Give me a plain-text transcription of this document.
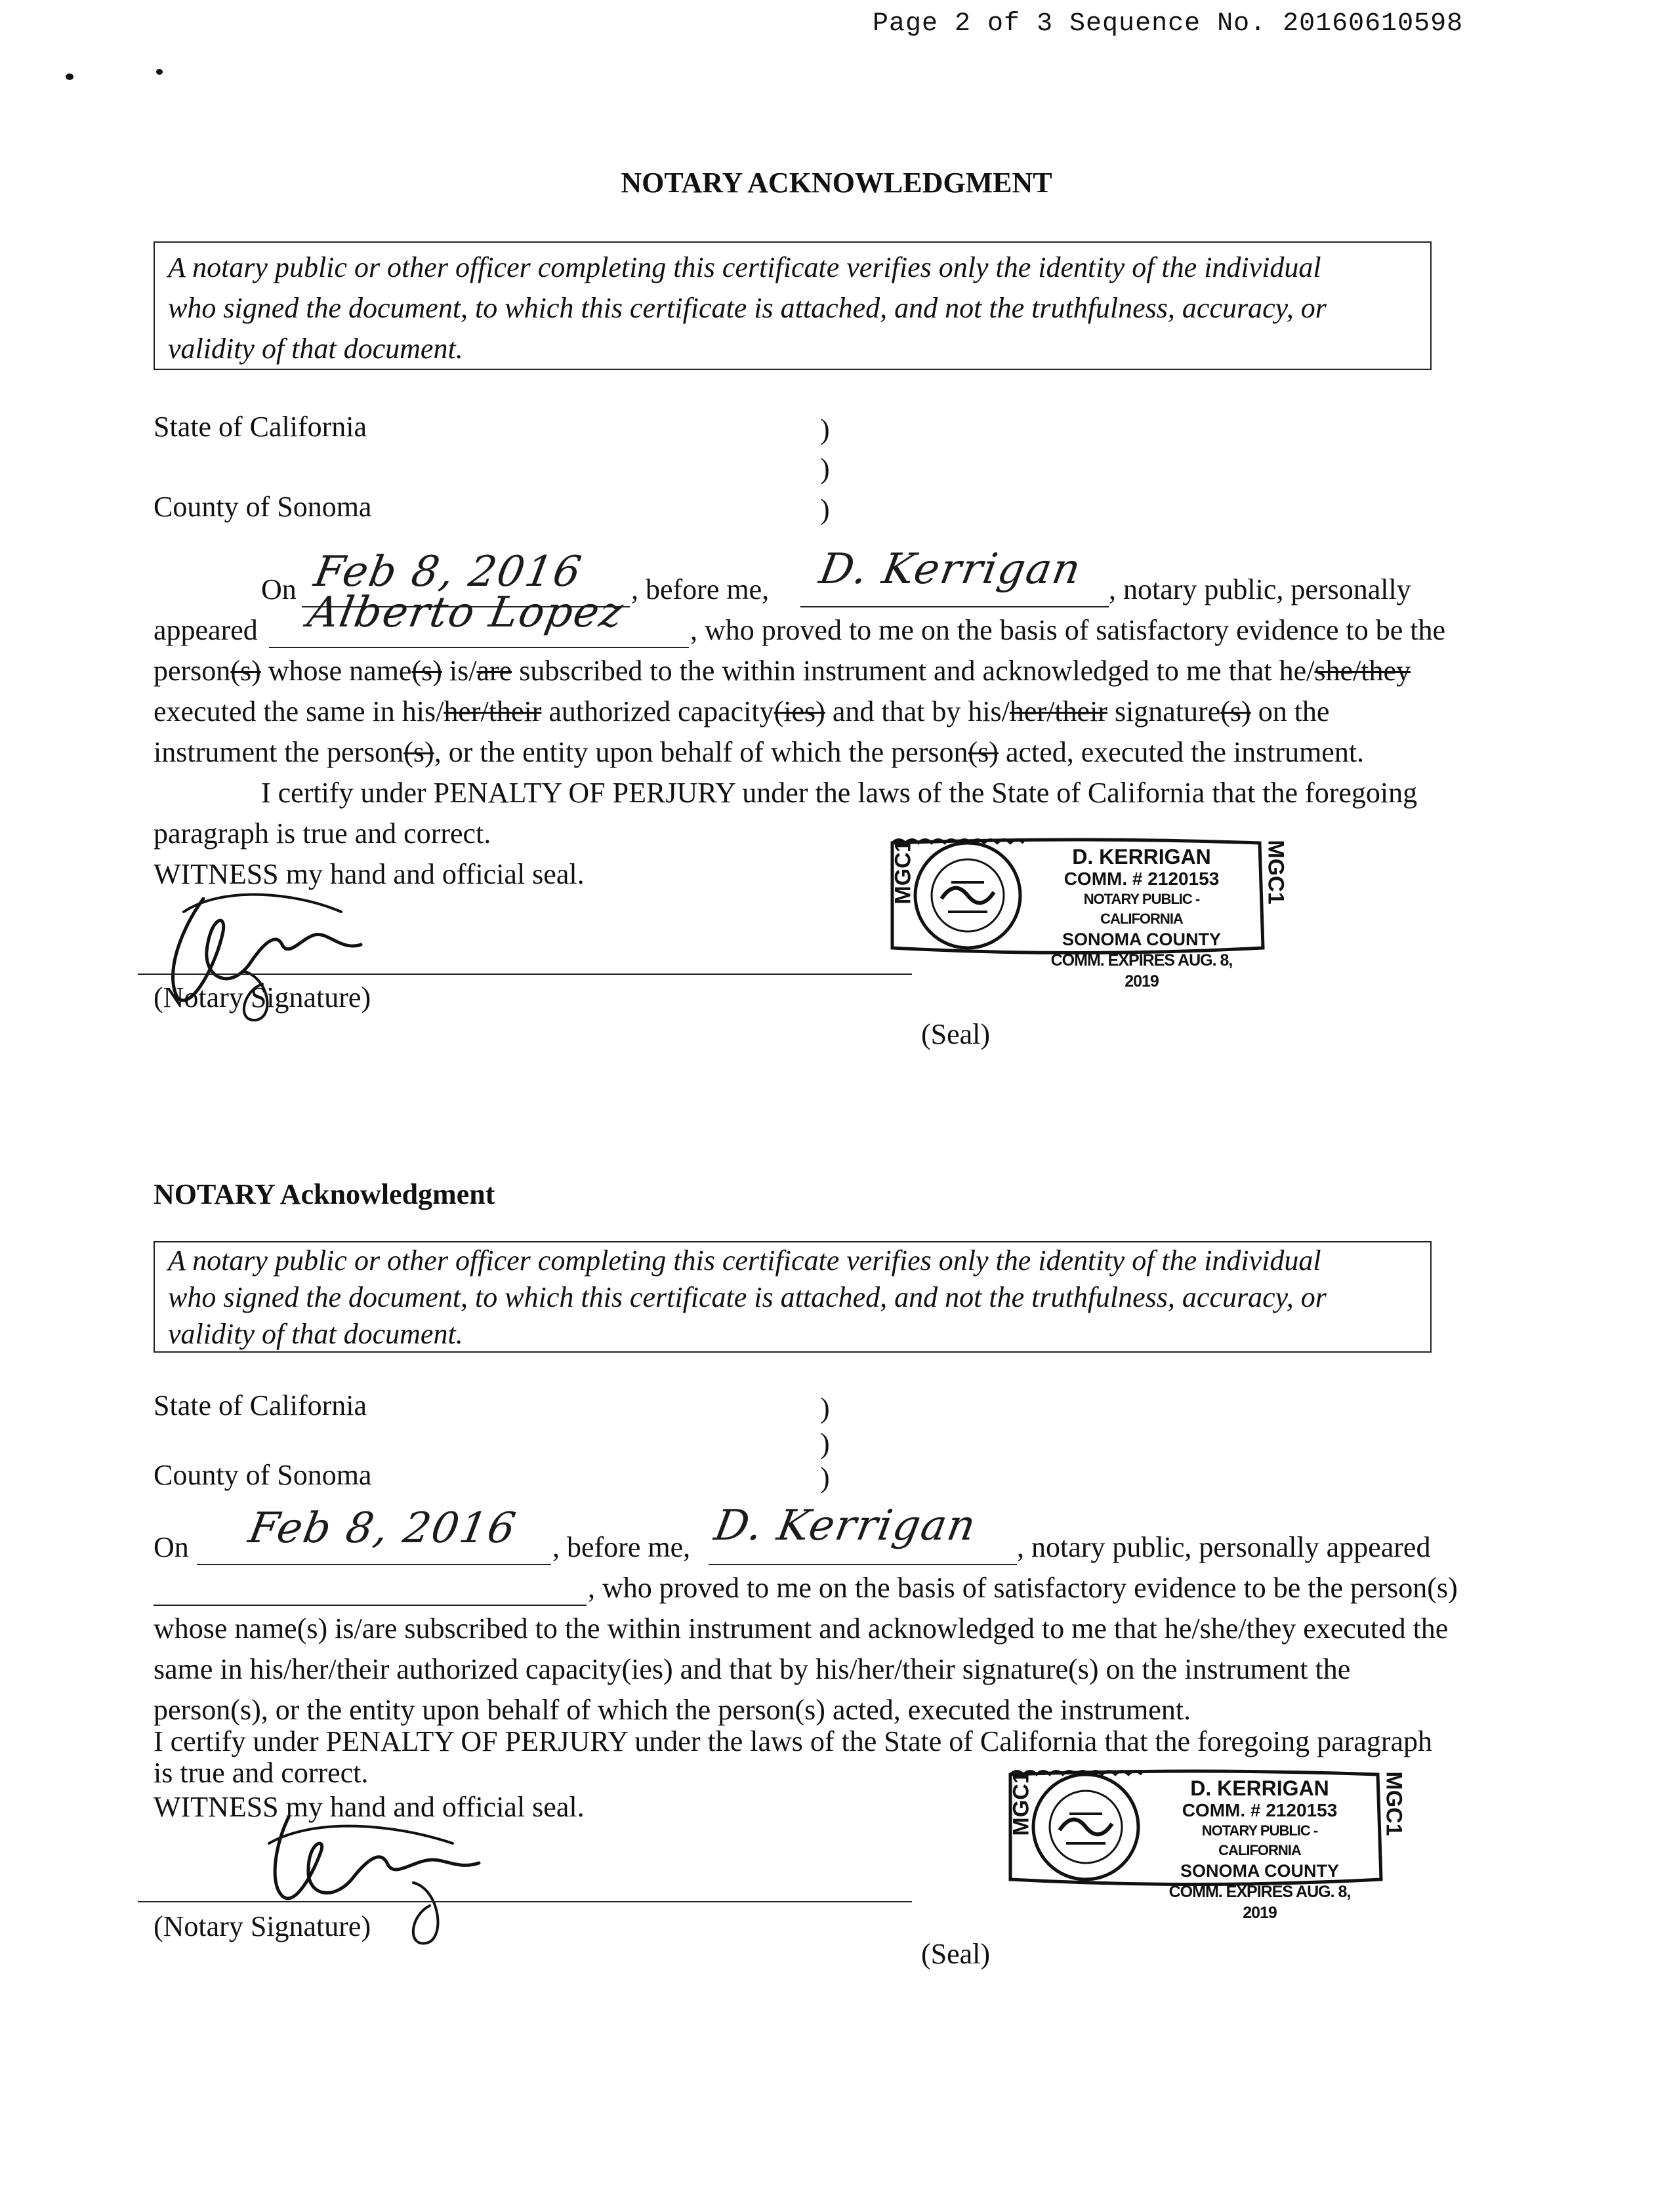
Page 2 of 3 Sequence No. 20160610598
NOTARY ACKNOWLEDGMENT

A notary public or other officer completing this certificate verifies only the identity of the individual

who signed the document, to which this certificate is attached, and not the truthfulness, accuracy, or

validity of that document.

State of California	)
)
County of Sonoma	)
On Feb 8, 2016 , before me, D. Kerrigan , notary public, personally
appeared Alberto Lopez , who proved to me on the basis of satisfactory evidence to be the
person(s) whose name(s) is/are subscribed to the within instrument and acknowledged to me that he/she/they
executed the same in his/her/their authorized capacity(ies) and that by his/her/their signature(s) on the
instrument the person(s), or the entity upon behalf of which the person(s) acted, executed the instrument.
I certify under PENALTY OF PERJURY under the laws of the State of California that the foregoing
paragraph is true and correct.
WITNESS my hand and official seal.
(Notary Signature)
MGC1	MGC1
D. KERRIGAN
COMM. # 2120153
NOTARY PUBLIC - CALIFORNIA
SONOMA COUNTY
COMM. EXPIRES AUG. 8, 2019
(Seal)
NOTARY Acknowledgment

A notary public or other officer completing this certificate verifies only the identity of the individual

who signed the document, to which this certificate is attached, and not the truthfulness, accuracy, or

validity of that document.

State of California	)
)
County of Sonoma	)
On Feb 8, 2016 , before me, D. Kerrigan , notary public, personally appeared
, who proved to me on the basis of satisfactory evidence to be the person(s)
whose name(s) is/are subscribed to the within instrument and acknowledged to me that he/she/they executed the
same in his/her/their authorized capacity(ies) and that by his/her/their signature(s) on the instrument the
person(s), or the entity upon behalf of which the person(s) acted, executed the instrument.
I certify under PENALTY OF PERJURY under the laws of the State of California that the foregoing paragraph
is true and correct.
WITNESS my hand and official seal.
(Notary Signature)
MGC1	MGC1
D. KERRIGAN
COMM. # 2120153
NOTARY PUBLIC - CALIFORNIA
SONOMA COUNTY
COMM. EXPIRES AUG. 8, 2019
(Seal)
